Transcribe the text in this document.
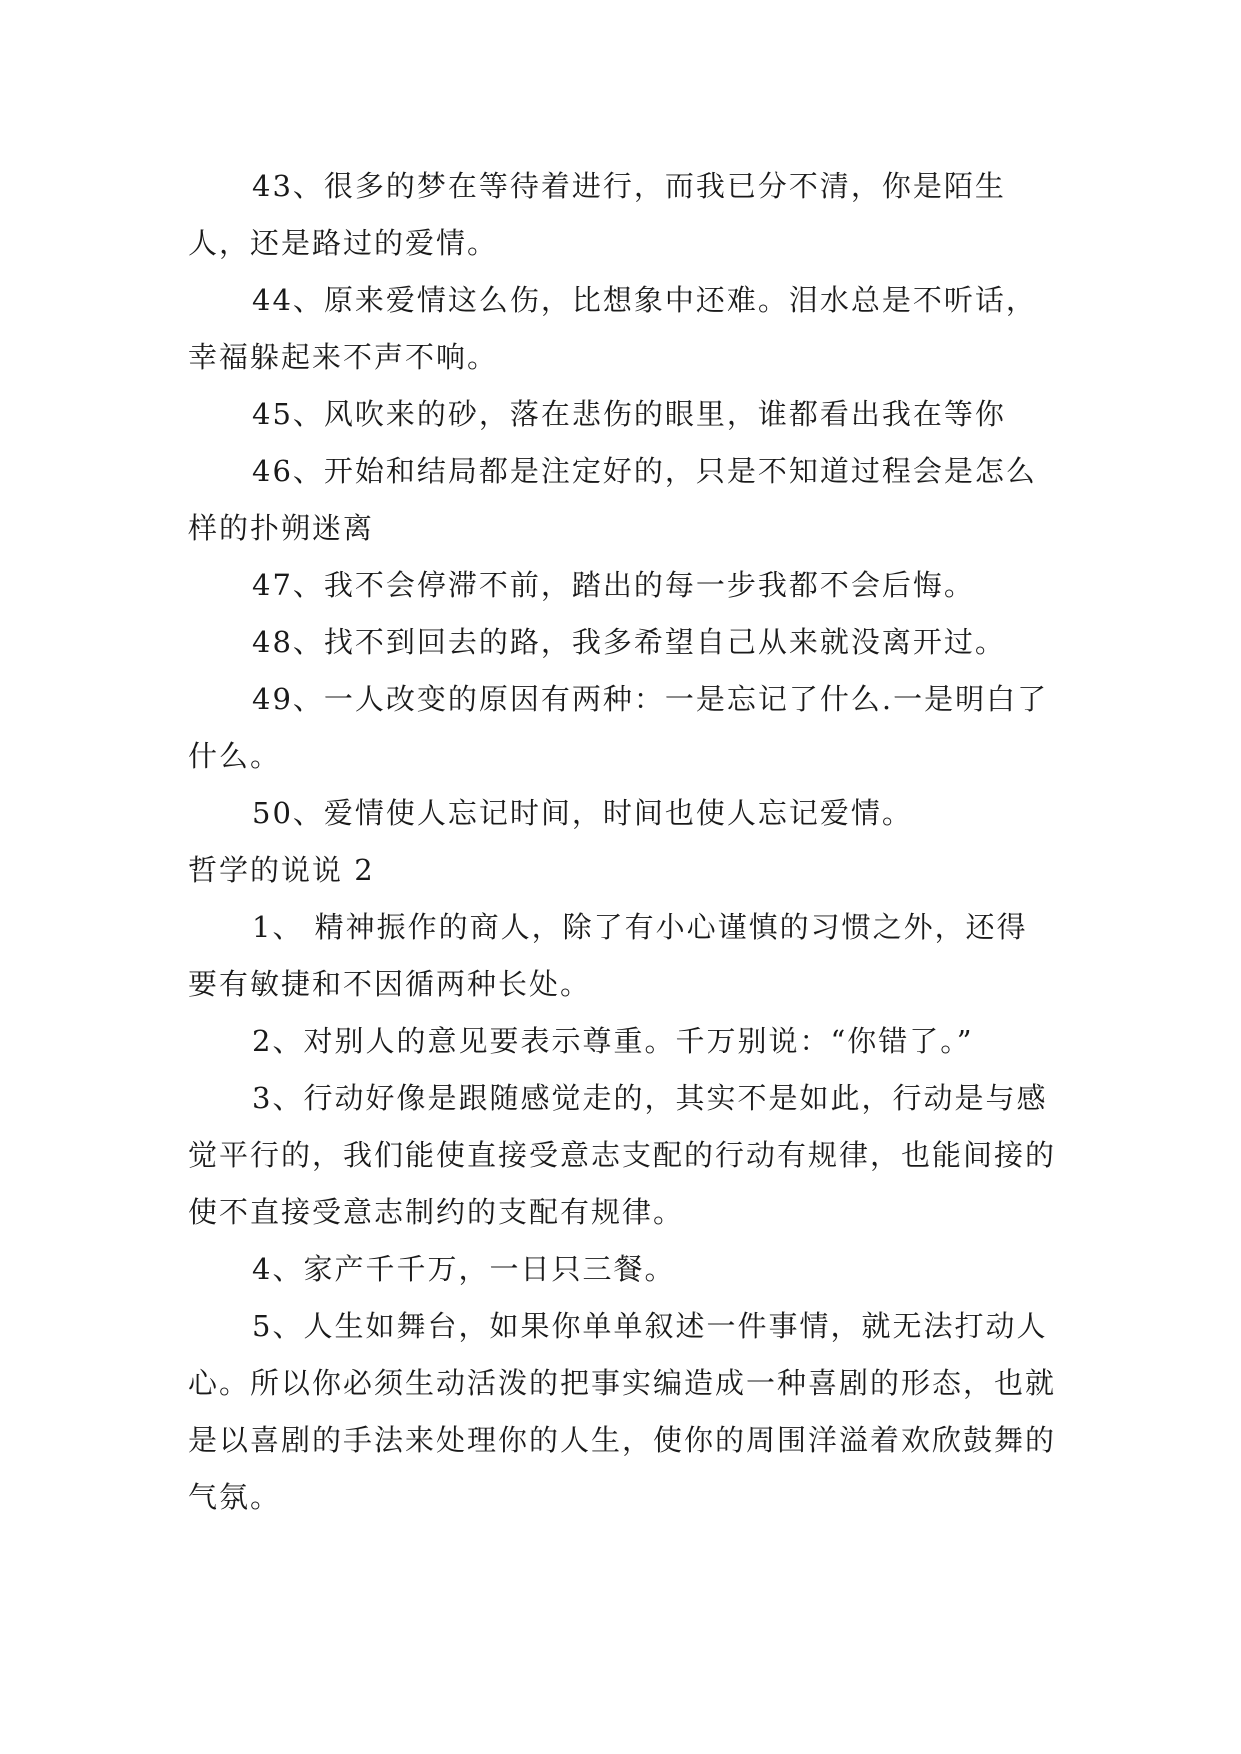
43、很多的梦在等待着进行，而我已分不清，你是陌生人，还是路过的爱情。

44、原来爱情这么伤，比想象中还难。泪水总是不听话，幸福躲起来不声不响。

45、风吹来的砂，落在悲伤的眼里，谁都看出我在等你

46、开始和结局都是注定好的，只是不知道过程会是怎么样的扑朔迷离

47、我不会停滞不前，踏出的每一步我都不会后悔。

48、找不到回去的路，我多希望自己从来就没离开过。

49、一人改变的原因有两种：一是忘记了什么.一是明白了什么。

50、爱情使人忘记时间，时间也使人忘记爱情。

哲学的说说 2

1、 精神振作的商人，除了有小心谨慎的习惯之外，还得要有敏捷和不因循两种长处。

2、对别人的意见要表示尊重。千万别说：“你错了。”

3、行动好像是跟随感觉走的，其实不是如此，行动是与感觉平行的，我们能使直接受意志支配的行动有规律，也能间接的使不直接受意志制约的支配有规律。

4、家产千千万，一日只三餐。

5、人生如舞台，如果你单单叙述一件事情，就无法打动人心。所以你必须生动活泼的把事实编造成一种喜剧的形态，也就是以喜剧的手法来处理你的人生，使你的周围洋溢着欢欣鼓舞的气氛。
